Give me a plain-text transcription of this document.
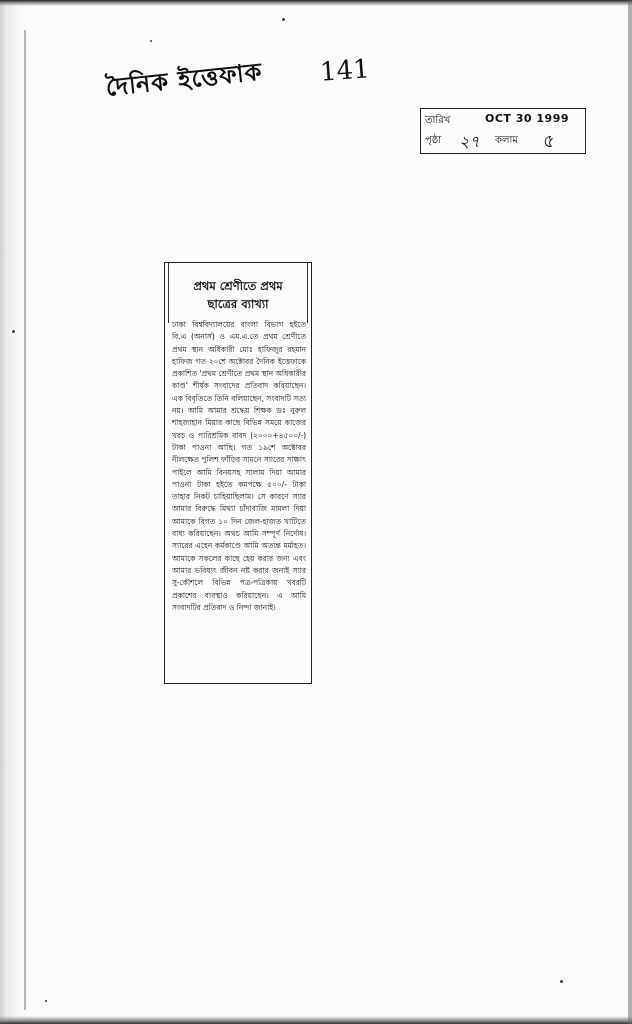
দৈনিক ইত্তেফাক 141
তারিখ	OCT 30 1999
পৃষ্ঠা ২৭ কলাম ৫
প্রথম শ্রেণীতে প্রথম
ছাত্রের ব্যাখ্যা

ঢাকা বিশ্ববিদ্যালয়ের বাংলা বিভাগ হইতে বি.এ (অনার্স) ও এম.এ.তে প্রথম শ্রেণীতে প্রথম স্থান অধিকারী মোঃ হাফিজুর রহমান হাফিজ গত ২০শে অক্টোবর দৈনিক ইত্তেফাকে প্রকাশিত 'প্রথম শ্রেণীতে প্রথম স্থান অধিকারীর কাণ্ড' শীর্ষক সংবাদের প্রতিবাদ করিয়াছেন। এক বিবৃতিতে তিনি বলিয়াছেন, সংবাদটি সত্য নয়। আমি আমার শ্রদ্ধেয় শিক্ষক ডঃ নুরুল শাহজাহান মিয়ার কাছে বিভিন্ন সময়ে কাজের খরচ ও পারিশ্রমিক বাবদ (২০০০+৪৫০০/-) টাকা পাওনা আছি। গত ১৯শে অক্টোবর নীলক্ষেত পুলিশ ফাঁড়ির সামনে স্যারের সাক্ষাৎ পাইলে আমি বিনয়সহ সালাম দিয়া আমার পাওনা টাকা হইতে কমপক্ষে ৫০০/- টাকা তাহার নিকট চাহিয়াছিলাম। সে কারণে স্যার আমার বিরুদ্ধে মিথ্যা চাঁদাবাজি মামলা দিয়া আমাকে বিগত ১০ দিন জেল-হাজত খাটিতে বাধ্য করিয়াছেন। অথচ আমি সম্পূর্ণ নির্দোষ। স্যারের এহেন কর্মকাণ্ডে আমি অত্যন্ত মর্মাহত। আমাকে সকলের কাছে হেয় করার জন্য এবং আমার ভবিষ্যৎ জীবন নষ্ট করার জন্যই স্যার সু-কৌশলে বিভিন্ন পত্র-পত্রিকায় খবরটি প্রকাশের ব্যবস্থাও করিয়াছেন। এ আমি সংবাদটির প্রতিবাদ ও নিন্দা জানাই।
